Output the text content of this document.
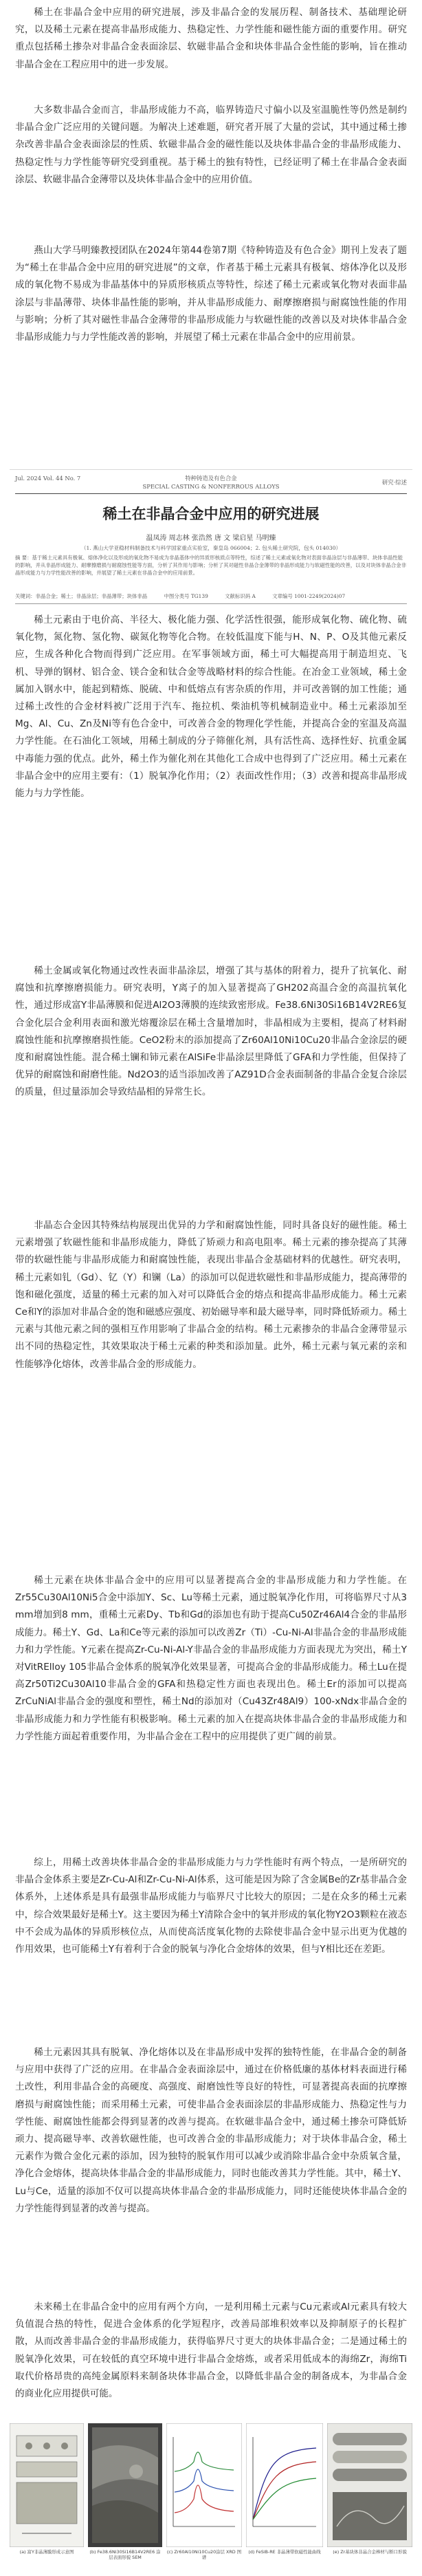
稀土在非晶合金中应用的研究进展，涉及非晶合金的发展历程、制备技术、基础理论研究，以及稀土元素在提高非晶形成能力、热稳定性、力学性能和磁性能方面的重要作用。研究重点包括稀土掺杂对非晶合金表面涂层、软磁非晶合金和块体非晶合金性能的影响，旨在推动非晶合金在工程应用中的进一步发展。

大多数非晶合金而言，非晶形成能力不高，临界铸造尺寸偏小以及室温脆性等仍然是制约非晶合金广泛应用的关键问题。为解决上述难题，研究者开展了大量的尝试，其中通过稀土掺杂改善非晶合金表面涂层的性质、软磁非晶合金的磁性能以及块体非晶合金的非晶形成能力、热稳定性与力学性能等研究受到重视。基于稀土的独有特性，已经证明了稀土在非晶合金表面涂层、软磁非晶合金薄带以及块体非晶合金中的应用价值。

燕山大学马明臻教授团队在2024年第44卷第7期《特种铸造及有色合金》期刊上发表了题为“稀土在非晶合金中应用的研究进展”的文章，作者基于稀土元素具有极氧、熔体净化以及形成的氧化物不易成为非晶基体中的异质形核质点等特性，综述了稀土元素或氧化物对表面非晶涂层与非晶薄带、块体非晶性能的影响，并从非晶形成能力、耐摩擦磨损与耐腐蚀性能的作用与影响；分析了其对磁性非晶合金薄带的非晶形成能力与软磁性能的改善以及对块体非晶合金非晶形成能力与力学性能改善的影响，并展望了稀土元素在非晶合金中的应用前景。

Jul. 2024 Vol. 44 No. 7	特种铸造及有色合金
SPECIAL CASTING & NONFERROUS ALLOYS
研究·综述
稀土在非晶合金中应用的研究进展
温凤涛 周志林 张浩然 唐 文 梁启星 马明臻
（1. 燕山大学亚稳材料制备技术与科学国家重点实验室，秦皇岛 066004；2. 包头稀土研究院，包头 014030）
摘 要：基于稀土元素具有极氧、熔体净化以及形成的氧化物不易成为非晶基体中的异质形核质点等特性，综述了稀土元素或氧化物对表面非晶涂层与非晶薄带、块体非晶性能的影响，并从非晶形成能力、耐摩擦磨损与耐腐蚀性能等方面，分析了其作用与影响；分析了其对磁性非晶合金薄带的非晶形成能力与软磁性能的改善，以及对块体非晶合金非晶形成能力与力学性能改善的影响，并展望了稀土元素在非晶合金中的应用前景。
关键词：非晶合金；稀土；非晶涂层；非晶薄带；块体非晶	中图分类号 TG139	文献标识码 A	文章编号 1001-2249(2024)07

稀土元素由于电价高、半径大、极化能力强、化学活性很强，能形成氧化物、硫化物、硫氧化物，氮化物、氢化物、碳氮化物等化合物。在较低温度下能与H、N、P、O及其他元素反应，生成各种化合物而得到广泛应用。在军事领域方面，稀土可大幅提高用于制造坦克、飞机、导弹的钢材、铝合金、镁合金和钛合金等战略材料的综合性能。在冶金工业领域，稀土金属加入钢水中，能起到精炼、脱硫、中和低熔点有害杂质的作用，并可改善钢的加工性能；通过稀土改性的合金材料被广泛用于汽车、拖拉机、柴油机等机械制造业中。稀土元素添加至Mg、Al、Cu、Zn及Ni等有色合金中，可改善合金的物理化学性能，并提高合金的室温及高温力学性能。在石油化工领域，用稀土制成的分子筛催化剂，具有活性高、选择性好、抗重金属中毒能力强的优点。此外，稀土作为催化剂在其他化工合成中也得到了广泛应用。稀土元素在非晶合金中的应用主要有：（1）脱氧净化作用；（2）表面改性作用；（3）改善和提高非晶形成能力与力学性能。

稀土金属或氧化物通过改性表面非晶涂层，增强了其与基体的附着力，提升了抗氧化、耐腐蚀和抗摩擦磨损能力。研究表明，Y离子的加入显著提高了GH202高温合金的高温抗氧化性，通过形成富Y非晶薄膜和促进Al2O3薄膜的连续致密形成。Fe38.6Ni30Si16B14V2RE6复合金化层合金利用表面和激光熔覆涂层在稀土含量增加时，非晶相成为主要相，提高了材料耐腐蚀性能和抗摩擦磨损性能。CeO2粉末的添加提高了Zr60Al10Ni10Cu20非晶合金涂层的硬度和耐腐蚀性能。混合稀土镧和铈元素在AlSiFe非晶涂层里降低了GFA和力学性能，但保持了优异的耐腐蚀和耐磨性能。Nd2O3的适当添加改善了AZ91D合金表面制备的非晶合金复合涂层的质量，但过量添加会导致结晶相的异常生长。

非晶态合金因其特殊结构展现出优异的力学和耐腐蚀性能，同时具备良好的磁性能。稀土元素增强了软磁性能和非晶形成能力，降低了矫顽力和高电阻率。稀土元素的掺杂提高了其薄带的软磁性能与非晶形成能力和耐腐蚀性能，表现出非晶合金基础材料的优越性。研究表明，稀土元素如钆（Gd）、钇（Y）和镧（La）的添加可以促进软磁性和非晶形成能力，提高薄带的饱和磁化强度，适量的稀土元素的加入对可以降低合金的熔点和提高非晶形成能力。稀土元素Ce和Y的添加对非晶合金的饱和磁感应强度、初始磁导率和最大磁导率，同时降低矫顽力。稀土元素与其他元素之间的强相互作用影响了非晶合金的结构。稀土元素掺杂的非晶合金薄带显示出不同的热稳定性，其效果取决于稀土元素的种类和添加量。此外，稀土元素与氧元素的亲和性能够净化熔体，改善非晶合金的形成能力。

稀土元素在块体非晶合金中的应用可以显著提高合金的非晶形成能力和力学性能。在Zr55Cu30Al10Ni5合金中添加Y、Sc、Lu等稀土元素，通过脱氧净化作用，可将临界尺寸从3 mm增加到8 mm，重稀土元素Dy、Tb和Gd的添加也有助于提高Cu50Zr46Al4合金的非晶形成能力。稀土Y、Gd、La和Ce等元素的添加可以改善Zr（Ti）-Cu-Ni-Al非晶合金的非晶形成能力和力学性能。Y元素在提高Zr-Cu-Ni-Al-Y非晶合金的非晶形成能力方面表现尤为突出，稀土Y对VitRElloy 105非晶合金体系的脱氧净化效果显著，可提高合金的非晶形成能力。稀土Lu在提高Zr50Ti2Cu30Al10非晶合金的GFA和热稳定性方面也表现出色。稀土Er的添加可以提高ZrCuNiAl非晶合金的强度和塑性，稀土Nd的添加对（Cu43Zr48Al9）100-xNdx非晶合金的非晶形成能力和力学性能有积极影响。稀土元素的加入在提高块体非晶合金的非晶形成能力和力学性能方面起着重要作用，为非晶合金在工程中的应用提供了更广阔的前景。

综上，用稀土改善块体非晶合金的非晶形成能力与力学性能时有两个特点，一是所研究的非晶合金体系主要是Zr-Cu-Al和Zr-Cu-Ni-Al体系，这可能是因为除了含金属Be的Zr基非晶合金体系外，上述体系是具有最强非晶形成能力与临界尺寸比较大的原因；二是在众多的稀土元素中，综合效果最好是稀土Y。这主要因为稀土Y清除合金中的氧并形成的氧化物Y2O3颗粒在液态中不会成为晶体的异质形核位点，从而使高活度氧化物的去除使非晶合金中显示出更为优越的作用效果，也可能稀土Y有着利于合金的脱氧与净化合金熔体的效果，但与Y相比还在差距。

稀土元素因其具有脱氧、净化熔体以及在非晶形成中发挥的独特性能，在非晶合金的制备与应用中获得了广泛的应用。在非晶合金表面涂层中，通过在价格低廉的基体材料表面进行稀土改性，利用非晶合金的高硬度、高强度、耐磨蚀性等良好的特性，可显著提高表面的抗摩擦磨损与耐腐蚀性能；而采用稀土元素，可使非晶合金表面涂层的非晶形成能力、热稳定性与力学性能、耐腐蚀性能都会得到显著的改善与提高。在软磁非晶合金中，通过稀土掺杂可降低矫顽力、提高磁导率、改善软磁性能，也可改善合金的非晶形成能力；对于块体非晶合金，稀土元素作为微合金化元素的添加，因为独特的脱氧作用可以减少或消除非晶合金中杂质氧含量，净化合金熔体，提高块体非晶合金的非晶形成能力，同时也能改善其力学性能。其中，稀土Y、Lu与Ce，适量的添加不仅可以提高块体非晶合金的非晶形成能力，同时还能使块体非晶合金的力学性能得到显著的改善与提高。

未来稀土在非晶合金中的应用有两个方向，一是利用稀土元素与Cu元素或Al元素具有较大负值混合热的特性，促进合金体系的化学短程序，改善局部堆积效率以及抑制原子的长程扩散，从而改善非晶合金的非晶形成能力，获得临界尺寸更大的块体非晶合金；二是通过稀土的脱氧净化效果，可在较低的真空环境中进行非晶合金熔炼，或者采用低成本的海绵Zr，海绵Ti取代价格昂贵的高纯金属原料来制备块体非晶合金，以降低非晶合金的制备成本，为非晶合金的商业化应用提供可能。

(a) 富Y非晶薄膜形成示意图	(b) Fe38.6Ni30Si16B14V2RE6 涂层表面形貌 SEM
(c) Zr60Al10Ni10Cu20涂层 XRD 图谱
(d) FeSiB-RE 非晶薄带软磁性能曲线	(e) Zr基块体非晶合金棒材与断口形貌
